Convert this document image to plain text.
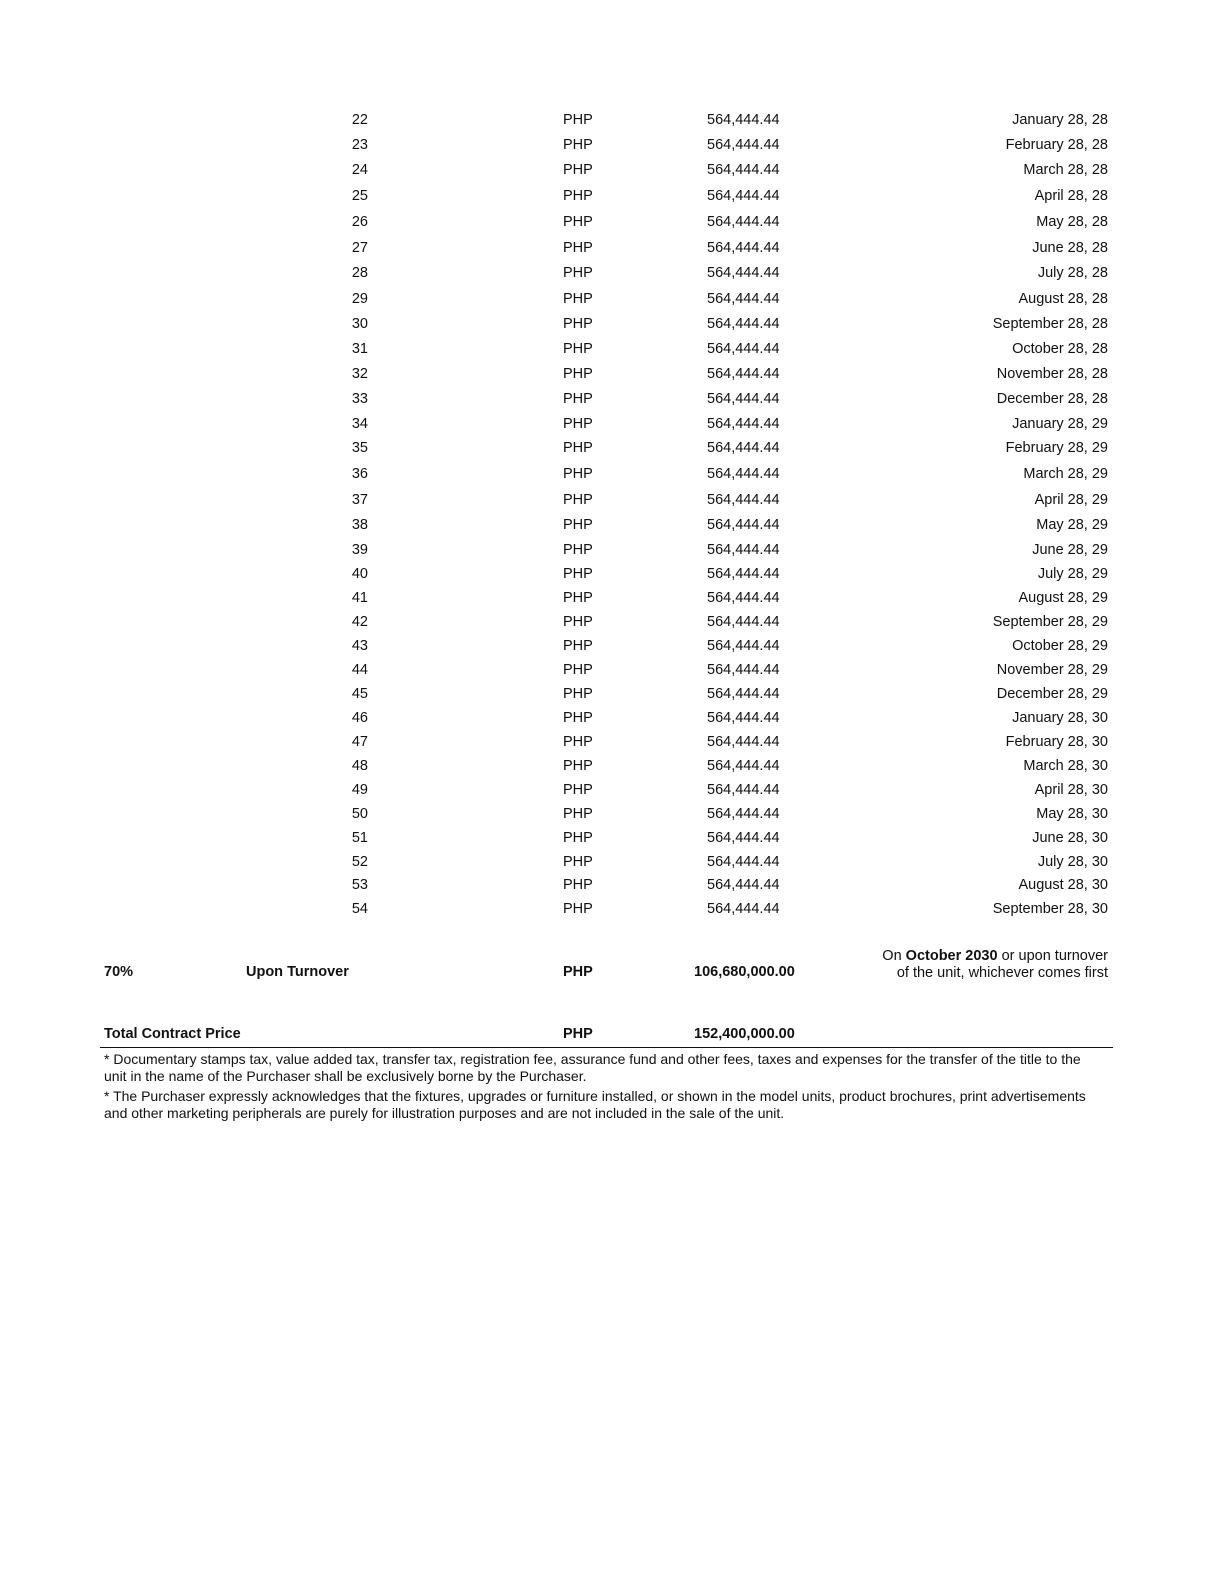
22	PHP	564,444.44	January 28, 28
23	PHP	564,444.44	February 28, 28
24	PHP	564,444.44	March 28, 28
25	PHP	564,444.44	April 28, 28
26	PHP	564,444.44	May 28, 28
27	PHP	564,444.44	June 28, 28
28	PHP	564,444.44	July 28, 28
29	PHP	564,444.44	August 28, 28
30	PHP	564,444.44	September 28, 28
31	PHP	564,444.44	October 28, 28
32	PHP	564,444.44	November 28, 28
33	PHP	564,444.44	December 28, 28
34	PHP	564,444.44	January 28, 29
35	PHP	564,444.44	February 28, 29
36	PHP	564,444.44	March 28, 29
37	PHP	564,444.44	April 28, 29
38	PHP	564,444.44	May 28, 29
39	PHP	564,444.44	June 28, 29
40	PHP	564,444.44	July 28, 29
41	PHP	564,444.44	August 28, 29
42	PHP	564,444.44	September 28, 29
43	PHP	564,444.44	October 28, 29
44	PHP	564,444.44	November 28, 29
45	PHP	564,444.44	December 28, 29
46	PHP	564,444.44	January 28, 30
47	PHP	564,444.44	February 28, 30
48	PHP	564,444.44	March 28, 30
49	PHP	564,444.44	April 28, 30
50	PHP	564,444.44	May 28, 30
51	PHP	564,444.44	June 28, 30
52	PHP	564,444.44	July 28, 30
53	PHP	564,444.44	August 28, 30
54	PHP	564,444.44	September 28, 30
70%	Upon Turnover	PHP	106,680,000.00
On October 2030 or upon turnover of the unit, whichever comes first
Total Contract Price	PHP	152,400,000.00
* Documentary stamps tax, value added tax, transfer tax, registration fee, assurance fund and other fees, taxes and expenses for the transfer of the title to the unit in the name of the Purchaser shall be exclusively borne by the Purchaser.
* The Purchaser expressly acknowledges that the fixtures, upgrades or furniture installed, or shown in the model units, product brochures, print advertisements and other marketing peripherals are purely for illustration purposes and are not included in the sale of the unit.
